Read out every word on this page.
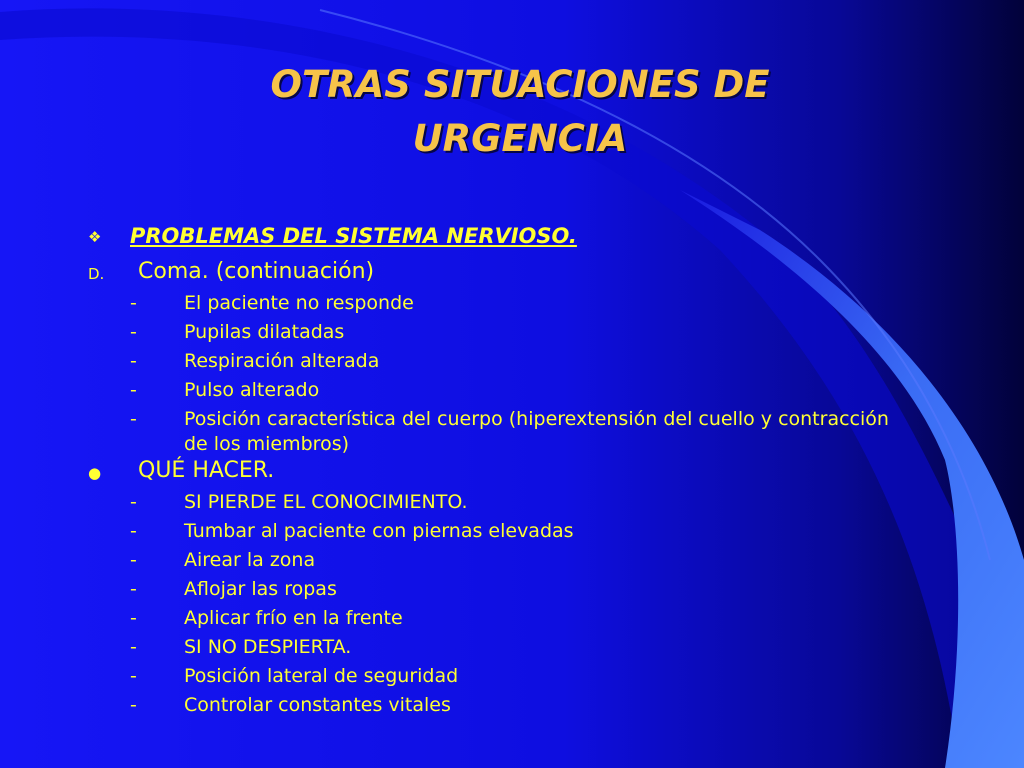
OTRAS SITUACIONES DE
URGENCIA
❖ PROBLEMAS DEL SISTEMA NERVIOSO.
D. Coma. (continuación)
- El paciente no responde
- Pupilas dilatadas
- Respiración alterada
- Pulso alterado
- Posición característica del cuerpo (hiperextensión del cuello y contracción de los miembros)
● QUÉ HACER.
- SI PIERDE EL CONOCIMIENTO.
- Tumbar al paciente con piernas elevadas
- Airear la zona
- Aflojar las ropas
- Aplicar frío en la frente
- SI NO DESPIERTA.
- Posición lateral de seguridad
- Controlar constantes vitales
